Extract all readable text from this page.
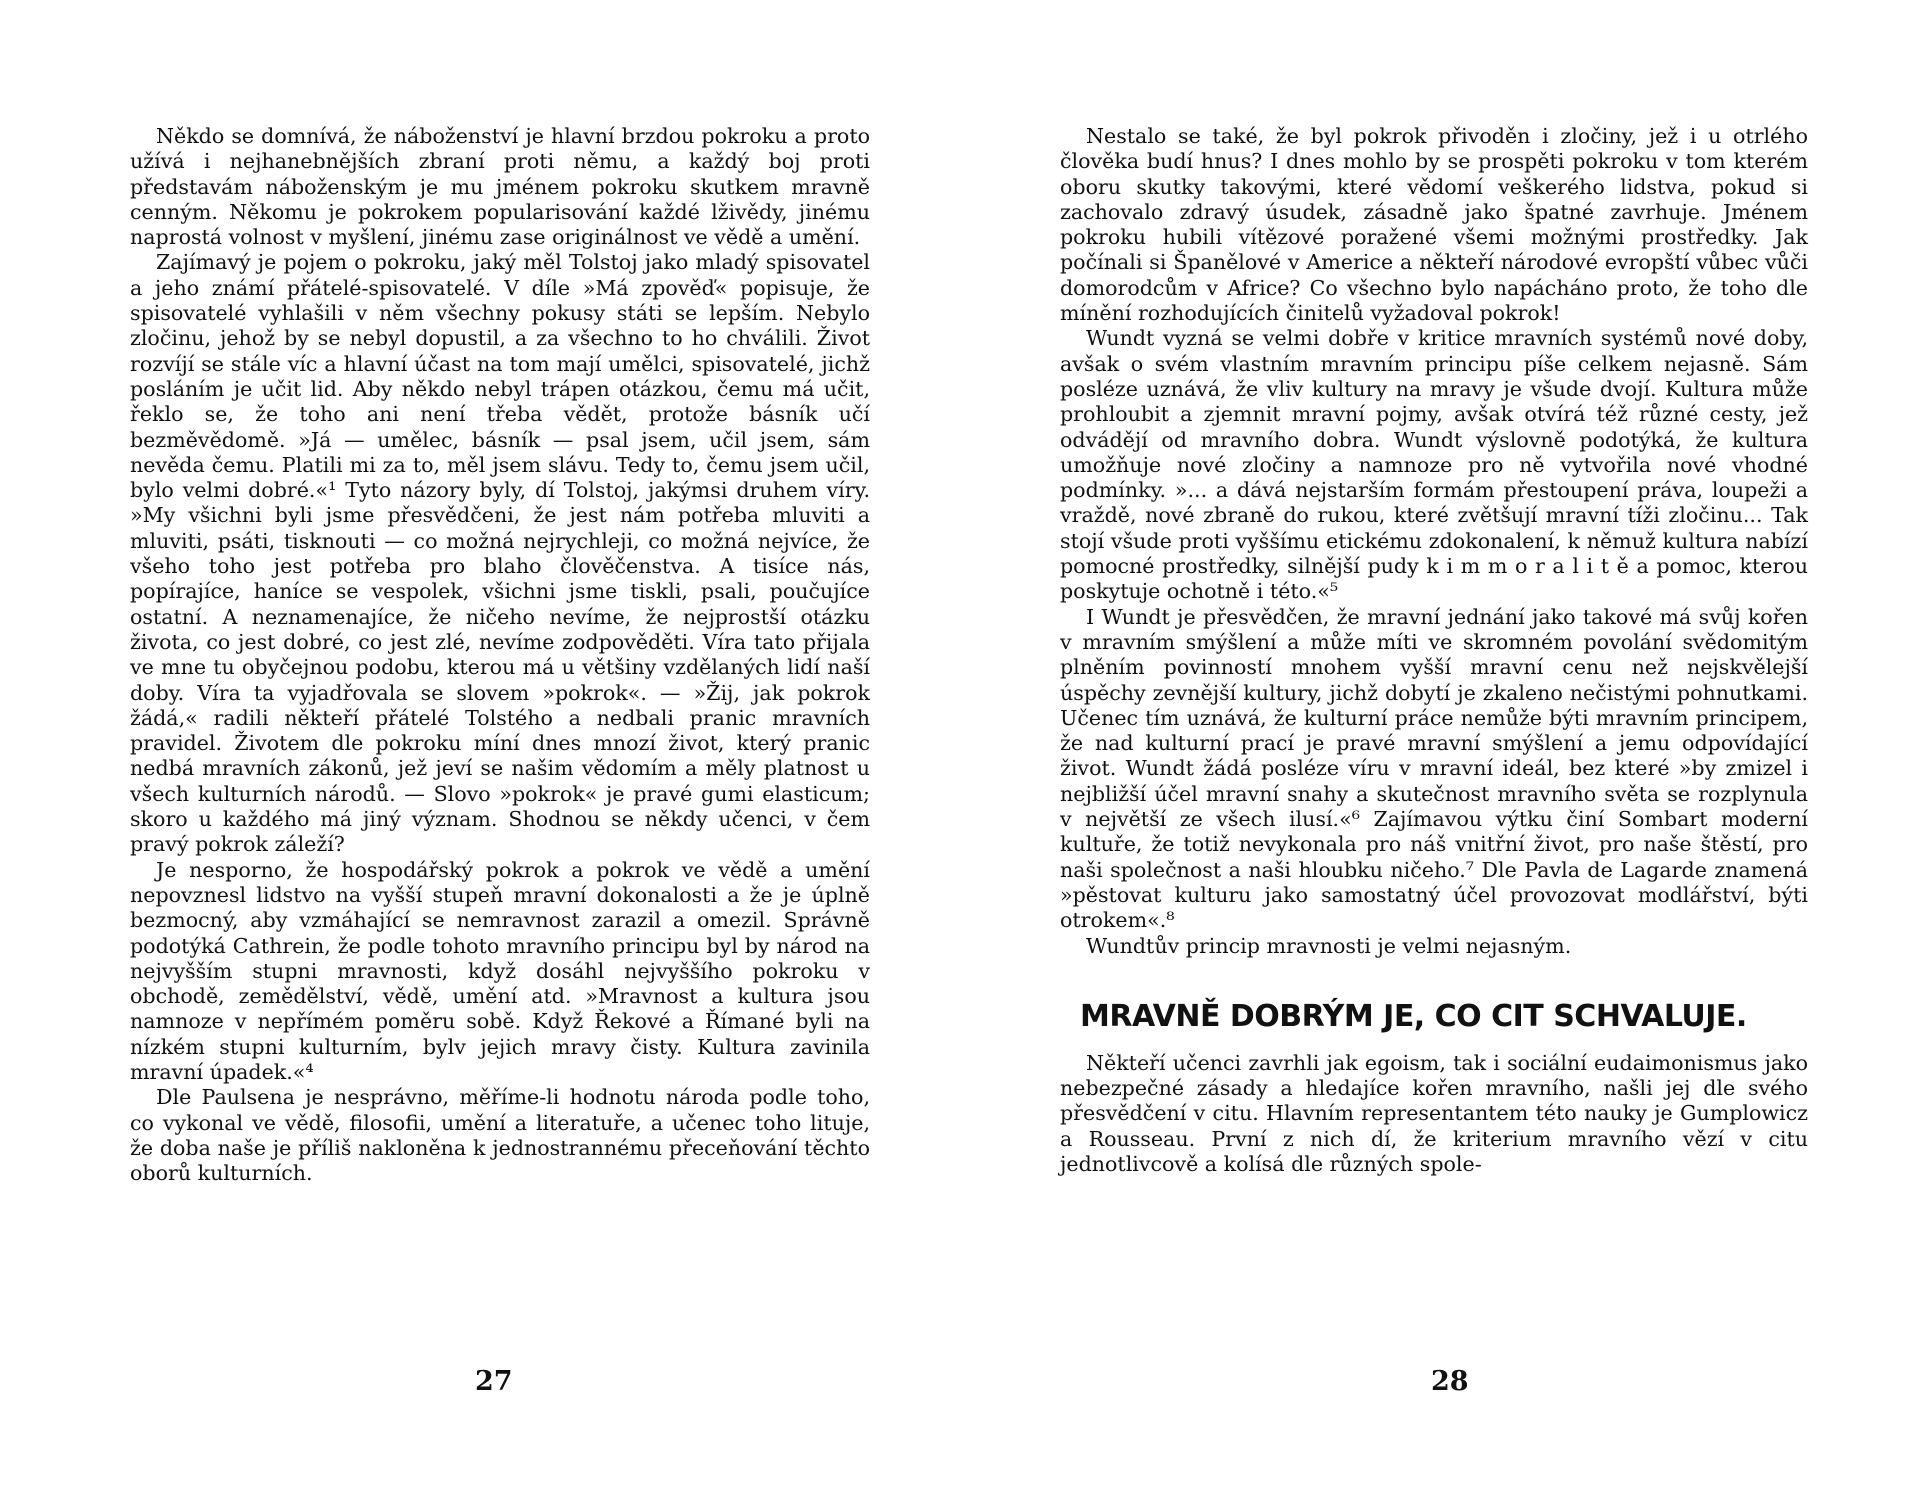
Někdo se domnívá, že náboženství je hlavní brzdou pokroku a proto užívá i nejhanebnějších zbraní proti němu, a každý boj proti představám náboženským je mu jménem pokroku skutkem mravně cenným. Někomu je pokrokem popularisování každé lživědy, jinému naprostá volnost v myšlení, jinému zase originálnost ve vědě a umění.

Zajímavý je pojem o pokroku, jaký měl Tolstoj jako mladý spisovatel a jeho známí přátelé-spisovatelé. V díle »Má zpověď« popisuje, že spisovatelé vyhlašili v něm všechny pokusy státi se lepším. Nebylo zločinu, jehož by se nebyl dopustil, a za všechno to ho chválili. Život rozvíjí se stále víc a hlavní účast na tom mají umělci, spisovatelé, jichž posláním je učit lid. Aby někdo nebyl trápen otázkou, čemu má učit, řeklo se, že toho ani není třeba vědět, protože básník učí bezměvědomě. »Já — umělec, básník — psal jsem, učil jsem, sám nevěda čemu. Platili mi za to, měl jsem slávu. Tedy to, čemu jsem učil, bylo velmi dobré.«¹ Tyto názory byly, dí Tolstoj, jakýmsi druhem víry. »My všichni byli jsme přesvědčeni, že jest nám potřeba mluviti a mluviti, psáti, tisknouti — co možná nejrychleji, co možná nejvíce, že všeho toho jest potřeba pro blaho člověčenstva. A tisíce nás, popírajíce, haníce se vespolek, všichni jsme tiskli, psali, poučujíce ostatní. A neznamenajíce, že ničeho nevíme, že nejprostší otázku života, co jest dobré, co jest zlé, nevíme zodpověděti. Víra tato přijala ve mne tu obyčejnou podobu, kterou má u většiny vzdělaných lidí naší doby. Víra ta vyjadřovala se slovem »pokrok«. — »Žij, jak pokrok žádá,« radili někteří přátelé Tolstého a nedbali pranic mravních pravidel. Životem dle pokroku míní dnes mnozí život, který pranic nedbá mravních zákonů, jež jeví se našim vědomím a měly platnost u všech kulturních národů. — Slovo »pokrok« je pravé gumi elasticum; skoro u každého má jiný význam. Shodnou se někdy učenci, v čem pravý pokrok záleží?

Je nesporno, že hospodářský pokrok a pokrok ve vědě a umění nepovznesl lidstvo na vyšší stupeň mravní dokonalosti a že je úplně bezmocný, aby vzmáhající se nemravnost zarazil a omezil. Správně podotýká Cathrein, že podle tohoto mravního principu byl by národ na nejvyšším stupni mravnosti, když dosáhl nejvyššího pokroku v obchodě, zemědělství, vědě, umění atd. »Mravnost a kultura jsou namnoze v nepřímém poměru sobě. Když Řekové a Římané byli na nízkém stupni kulturním, bylv jejich mravy čisty. Kultura zavinila mravní úpadek.«⁴

Dle Paulsena je nesprávno, měříme-li hodnotu národa podle toho, co vykonal ve vědě, filosofii, umění a literatuře, a učenec toho lituje, že doba naše je příliš nakloněna k jednostrannému přeceňování těchto oborů kulturních.

27

Nestalo se také, že byl pokrok přivoděn i zločiny, jež i u otrlého člověka budí hnus? I dnes mohlo by se prospěti pokroku v tom kterém oboru skutky takovými, které vědomí veškerého lidstva, pokud si zachovalo zdravý úsudek, zásadně jako špatné zavrhuje. Jménem pokroku hubili vítězové poražené všemi možnými prostředky. Jak počínali si Španělové v Americe a někteří národové evropští vůbec vůči domorodcům v Africe? Co všechno bylo napácháno proto, že toho dle mínění rozhodujících činitelů vyžadoval pokrok!

Wundt vyzná se velmi dobře v kritice mravních systémů nové doby, avšak o svém vlastním mravním principu píše celkem nejasně. Sám posléze uznává, že vliv kultury na mravy je všude dvojí. Kultura může prohloubit a zjemnit mravní pojmy, avšak otvírá též různé cesty, jež odvádějí od mravního dobra. Wundt výslovně podotýká, že kultura umožňuje nové zločiny a namnoze pro ně vytvořila nové vhodné podmínky. »... a dává nejstarším formám přestoupení práva, loupeži a vraždě, nové zbraně do rukou, které zvětšují mravní tíži zločinu... Tak stojí všude proti vyššímu etickému zdokonalení, k němuž kultura nabízí pomocné prostředky, silnější pudy k i m m o r a l i t ě a pomoc, kterou poskytuje ochotně i této.«⁵

I Wundt je přesvědčen, že mravní jednání jako takové má svůj kořen v mravním smýšlení a může míti ve skromném povolání svědomitým plněním povinností mnohem vyšší mravní cenu než nejskvělejší úspěchy zevnější kultury, jichž dobytí je zkaleno nečistými pohnutkami. Učenec tím uznává, že kulturní práce nemůže býti mravním principem, že nad kulturní prací je pravé mravní smýšlení a jemu odpovídající život. Wundt žádá posléze víru v mravní ideál, bez které »by zmizel i nejbližší účel mravní snahy a skutečnost mravního světa se rozplynula v největší ze všech ilusí.«⁶ Zajímavou výtku činí Sombart moderní kultuře, že totiž nevykonala pro náš vnitřní život, pro naše štěstí, pro naši společnost a naši hloubku ničeho.⁷ Dle Pavla de Lagarde znamená »pěstovat kulturu jako samostatný účel provozovat modlářství, býti otrokem«.⁸

Wundtův princip mravnosti je velmi nejasným.

MRAVNĚ DOBRÝM JE, CO CIT SCHVALUJE.

Někteří učenci zavrhli jak egoism, tak i sociální eudaimonismus jako nebezpečné zásady a hledajíce kořen mravního, našli jej dle svého přesvědčení v citu. Hlavním representantem této nauky je Gumplowicz a Rousseau. První z nich dí, že kriterium mravního vězí v citu jednotlivcově a kolísá dle různých spole-

28
